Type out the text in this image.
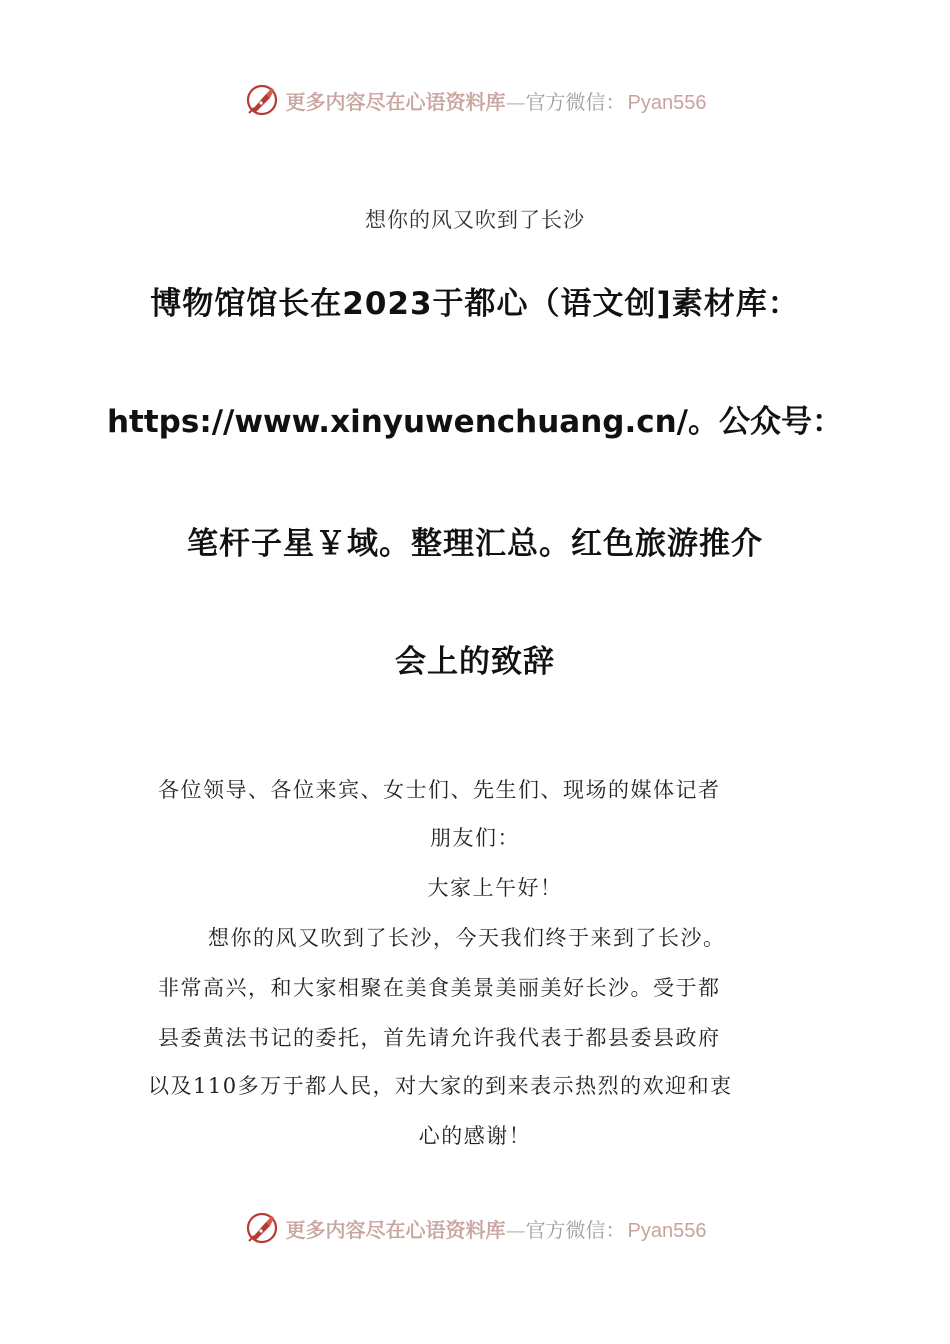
更多内容尽在心语资料库 — 官方微信： Pyan556
想你的风又吹到了长沙
博物馆馆长在2023于都心（语文创]素材库：
https://www.xinyuwenchuang.cn/。公众号：
笔杆子星￥域。整理汇总。红色旅游推介
会上的致辞
各位领导、各位来宾、女士们、先生们、现场的媒体记者
朋友们：
大家上午好！
想你的风又吹到了长沙，今天我们终于来到了长沙。
非常高兴，和大家相聚在美食美景美丽美好长沙。受于都
县委黄法书记的委托，首先请允许我代表于都县委县政府
以及110多万于都人民，对大家的到来表示热烈的欢迎和衷
心的感谢！
更多内容尽在心语资料库 — 官方微信： Pyan556
